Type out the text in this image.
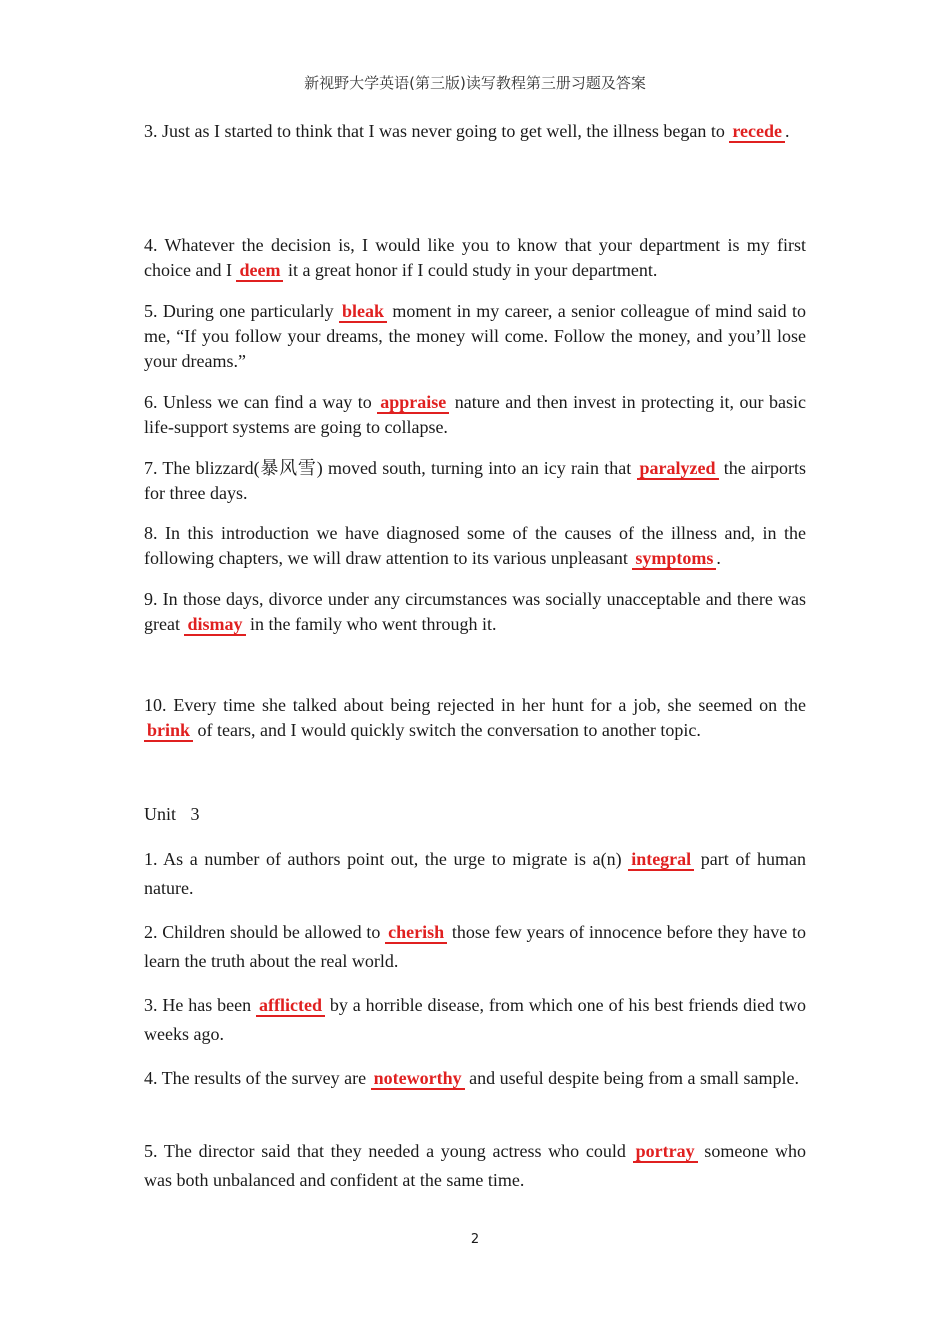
新视野大学英语(第三版)读写教程第三册习题及答案

3. Just as I started to think that I was never going to get well, the illness began to recede .

4. Whatever the decision is, I would like you to know that your department is my first choice and I deem it a great honor if I could study in your department.

5. During one particularly bleak moment in my career, a senior colleague of mind said to me, “If you follow your dreams, the money will come. Follow the money, and you’ll lose your dreams.”

6. Unless we can find a way to appraise nature and then invest in protecting it, our basic life-support systems are going to collapse.

7. The blizzard(暴风雪) moved south, turning into an icy rain that paralyzed the airports for three days.

8. In this introduction we have diagnosed some of the causes of the illness and, in the following chapters, we will draw attention to its various unpleasant symptoms .

9. In those days, divorce under any circumstances was socially unacceptable and there was great dismay in the family who went through it.

10. Every time she talked about being rejected in her hunt for a job, she seemed on the brink of tears, and I would quickly switch the conversation to another topic.

Unit 3

1. As a number of authors point out, the urge to migrate is a(n) integral part of human nature.

2. Children should be allowed to cherish those few years of innocence before they have to learn the truth about the real world.

3. He has been afflicted by a horrible disease, from which one of his best friends died two weeks ago.

4. The results of the survey are noteworthy and useful despite being from a small sample.

5. The director said that they needed a young actress who could portray someone who was both unbalanced and confident at the same time.

2
